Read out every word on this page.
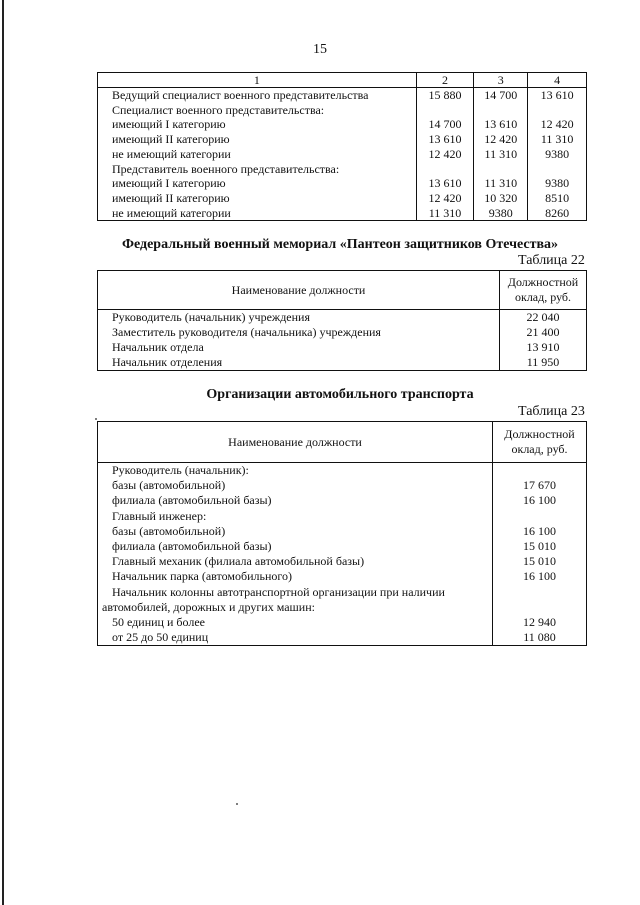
15
1	2	3	4
Ведущий специалист военного представительства	15 880	14 700	13 610
Специалист военного представительства:			
имеющий I категорию	14 700	13 610	12 420
имеющий II категорию	13 610	12 420	11 310
не имеющий категории	12 420	11 310	9380
Представитель военного представительства:			
имеющий I категорию	13 610	11 310	9380
имеющий II категорию	12 420	10 320	8510
не имеющий категории	11 310	9380	8260
Федеральный военный мемориал «Пантеон защитников Отечества»
Таблица 22
Наименование должности	Должностной оклад, руб.
Руководитель (начальник) учреждения	22 040
Заместитель руководителя (начальника) учреждения	21 400
Начальник отдела	13 910
Начальник отделения	11 950
Организации автомобильного транспорта
Таблица 23
Наименование должности	Должностной оклад, руб.
Руководитель (начальник):	
базы (автомобильной)	17 670
филиала (автомобильной базы)	16 100
Главный инженер:	
базы (автомобильной)	16 100
филиала (автомобильной базы)	15 010
Главный механик (филиала автомобильной базы)	15 010
Начальник парка (автомобильного)	16 100
Начальник колонны автотранспортной организации при наличии	
автомобилей, дорожных и других машин:	
50 единиц и более	12 940
от 25 до 50 единиц	11 080
